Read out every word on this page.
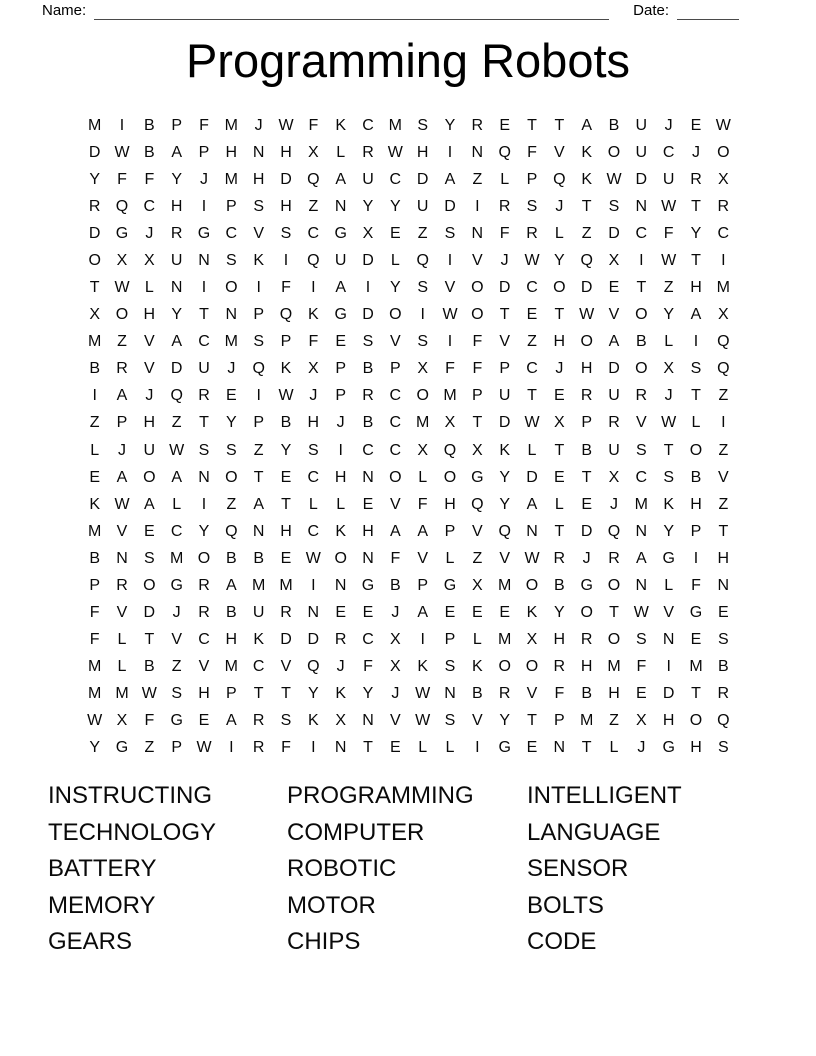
Name:	Date:
Programming Robots
M	I	B	P	F M	J W F	K	C M S	Y	R	E	T	T	A	B	U	J	E W
D W B	A	P	H N H	X	L	R W H	I	N Q	F	V	K O U C	J	O
Y	F	F	Y	J	M H D Q A	U C D	A	Z	L	P Q K W D U R	X
R Q C H	I	P	S	H	Z	N	Y	Y	U D	I	R	S	J	T	S	N W T	R
D G	J	R G C	V	S	C G X	E	Z	S	N	F	R	L	Z	D C	F	Y	C
O X	X	U N	S	K	I	Q U D	L	Q	I	V	J W Y Q X	I	W T	I
T W L	N	I	O	I	F	I	A	I	Y	S	V O D C O D	E	T	Z	H M
X O H	Y	T	N	P Q K G D O	I	W O	T	E	T W V O Y	A	X
M Z	V	A	C M S	P	F	E	S	V	S	I	F	V	Z	H O A	B	L	I	Q
B	R	V	D U	J	Q K	X	P	B	P	X	F	F	P	C	J	H D O X	S Q
I	A	J	Q R	E	I	W J	P	R C O M P	U	T	E	R U R	J	T	Z
Z	P	H	Z	T	Y	P	B	H	J	B	C M X	T	D W X	P	R	V W L	I
L	J	U W S	S	Z	Y	S	I	C C	X Q X	K	L	T	B	U	S	T	O	Z
E	A O A	N O	T	E	C H N O	L	O G Y	D	E	T	X	C	S	B	V
K W A	L	I	Z	A	T	L	L	E	V	F	H Q Y	A	L	E	J	M K	H	Z
M V	E	C	Y Q N H C	K	H	A	A	P	V Q N	T	D Q N	Y	P	T
B	N	S M O B	B	E W O N	F	V	L	Z	V W R	J	R	A G	I	H
P	R O G R	A M M	I	N G B	P G X M O B G O N	L	F	N
F	V	D	J	R	B	U R N	E	E	J	A	E	E	E	K	Y O	T W V G E
F	L	T	V	C H	K	D D R C	X	I	P	L	M X	H R O S	N	E	S
M	L	B	Z	V M C	V Q	J	F	X	K	S	K O O R H M F	I	M B
M M W S	H	P	T	T	Y	K	Y	J W N	B	R	V	F	B	H	E	D	T	R
W X	F	G E	A	R	S	K	X	N	V W S	V	Y	T	P M Z	X	H O Q
Y G	Z	P W	I	R	F	I	N	T	E	L	L	I	G E	N	T	L	J	G H	S
INSTRUCTING
TECHNOLOGY
BATTERY
MEMORY
GEARS
PROGRAMMING
COMPUTER
ROBOTIC
MOTOR
CHIPS
INTELLIGENT
LANGUAGE
SENSOR
BOLTS
CODE
